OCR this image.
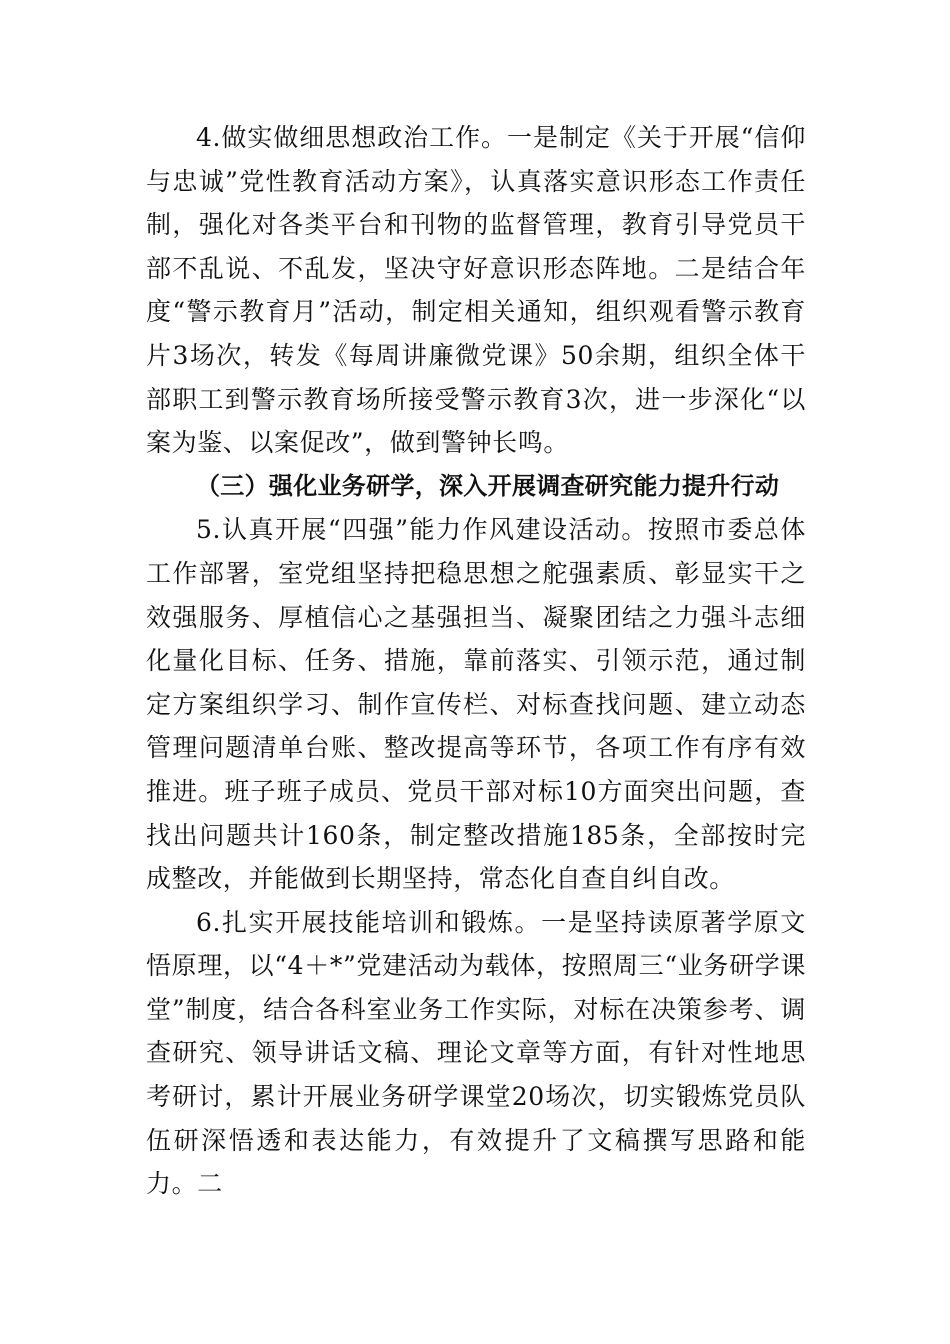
4.做实做细思想政治工作。一是制定《关于开展“信仰与忠诚”党性教育活动方案》，认真落实意识形态工作责任制，强化对各类平台和刊物的监督管理，教育引导党员干部不乱说、不乱发，坚决守好意识形态阵地。二是结合年度“警示教育月”活动，制定相关通知，组织观看警示教育片3场次，转发《每周讲廉微党课》50余期，组织全体干部职工到警示教育场所接受警示教育3次，进一步深化“以案为鉴、以案促改”，做到警钟长鸣。

（三）强化业务研学，深入开展调查研究能力提升行动

5.认真开展“四强”能力作风建设活动。按照市委总体工作部署，室党组坚持把稳思想之舵强素质、彰显实干之效强服务、厚植信心之基强担当、凝聚团结之力强斗志细化量化目标、任务、措施，靠前落实、引领示范，通过制定方案组织学习、制作宣传栏、对标查找问题、建立动态管理问题清单台账、整改提高等环节，各项工作有序有效推进。班子班子成员、党员干部对标10方面突出问题，查找出问题共计160条，制定整改措施185条，全部按时完成整改，并能做到长期坚持，常态化自查自纠自改。

6.扎实开展技能培训和锻炼。一是坚持读原著学原文悟原理，以“4＋*”党建活动为载体，按照周三“业务研学课堂”制度，结合各科室业务工作实际，对标在决策参考、调查研究、领导讲话文稿、理论文章等方面，有针对性地思考研讨，累计开展业务研学课堂20场次，切实锻炼党员队伍研深悟透和表达能力，有效提升了文稿撰写思路和能力。二
